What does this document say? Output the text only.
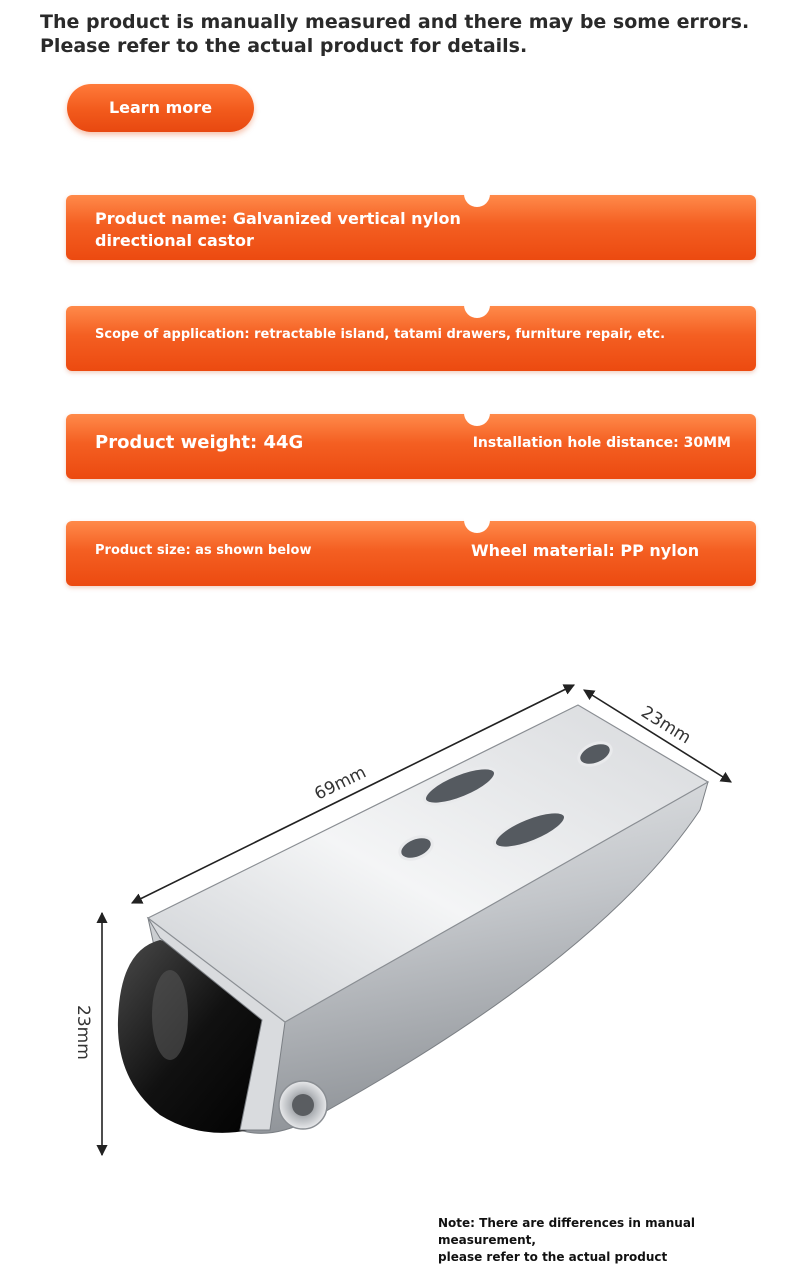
The product is manually measured and there may be some errors.
Please refer to the actual product for details.
Learn more
Product name: Galvanized vertical nylon directional castor
Scope of application: retractable island, tatami drawers, furniture repair, etc.
Product weight: 44G	Installation hole distance: 30MM
Product size: as shown below	Wheel material: PP nylon
69mm
23mm
23mm
Note: There are differences in manual measurement,
please refer to the actual product
